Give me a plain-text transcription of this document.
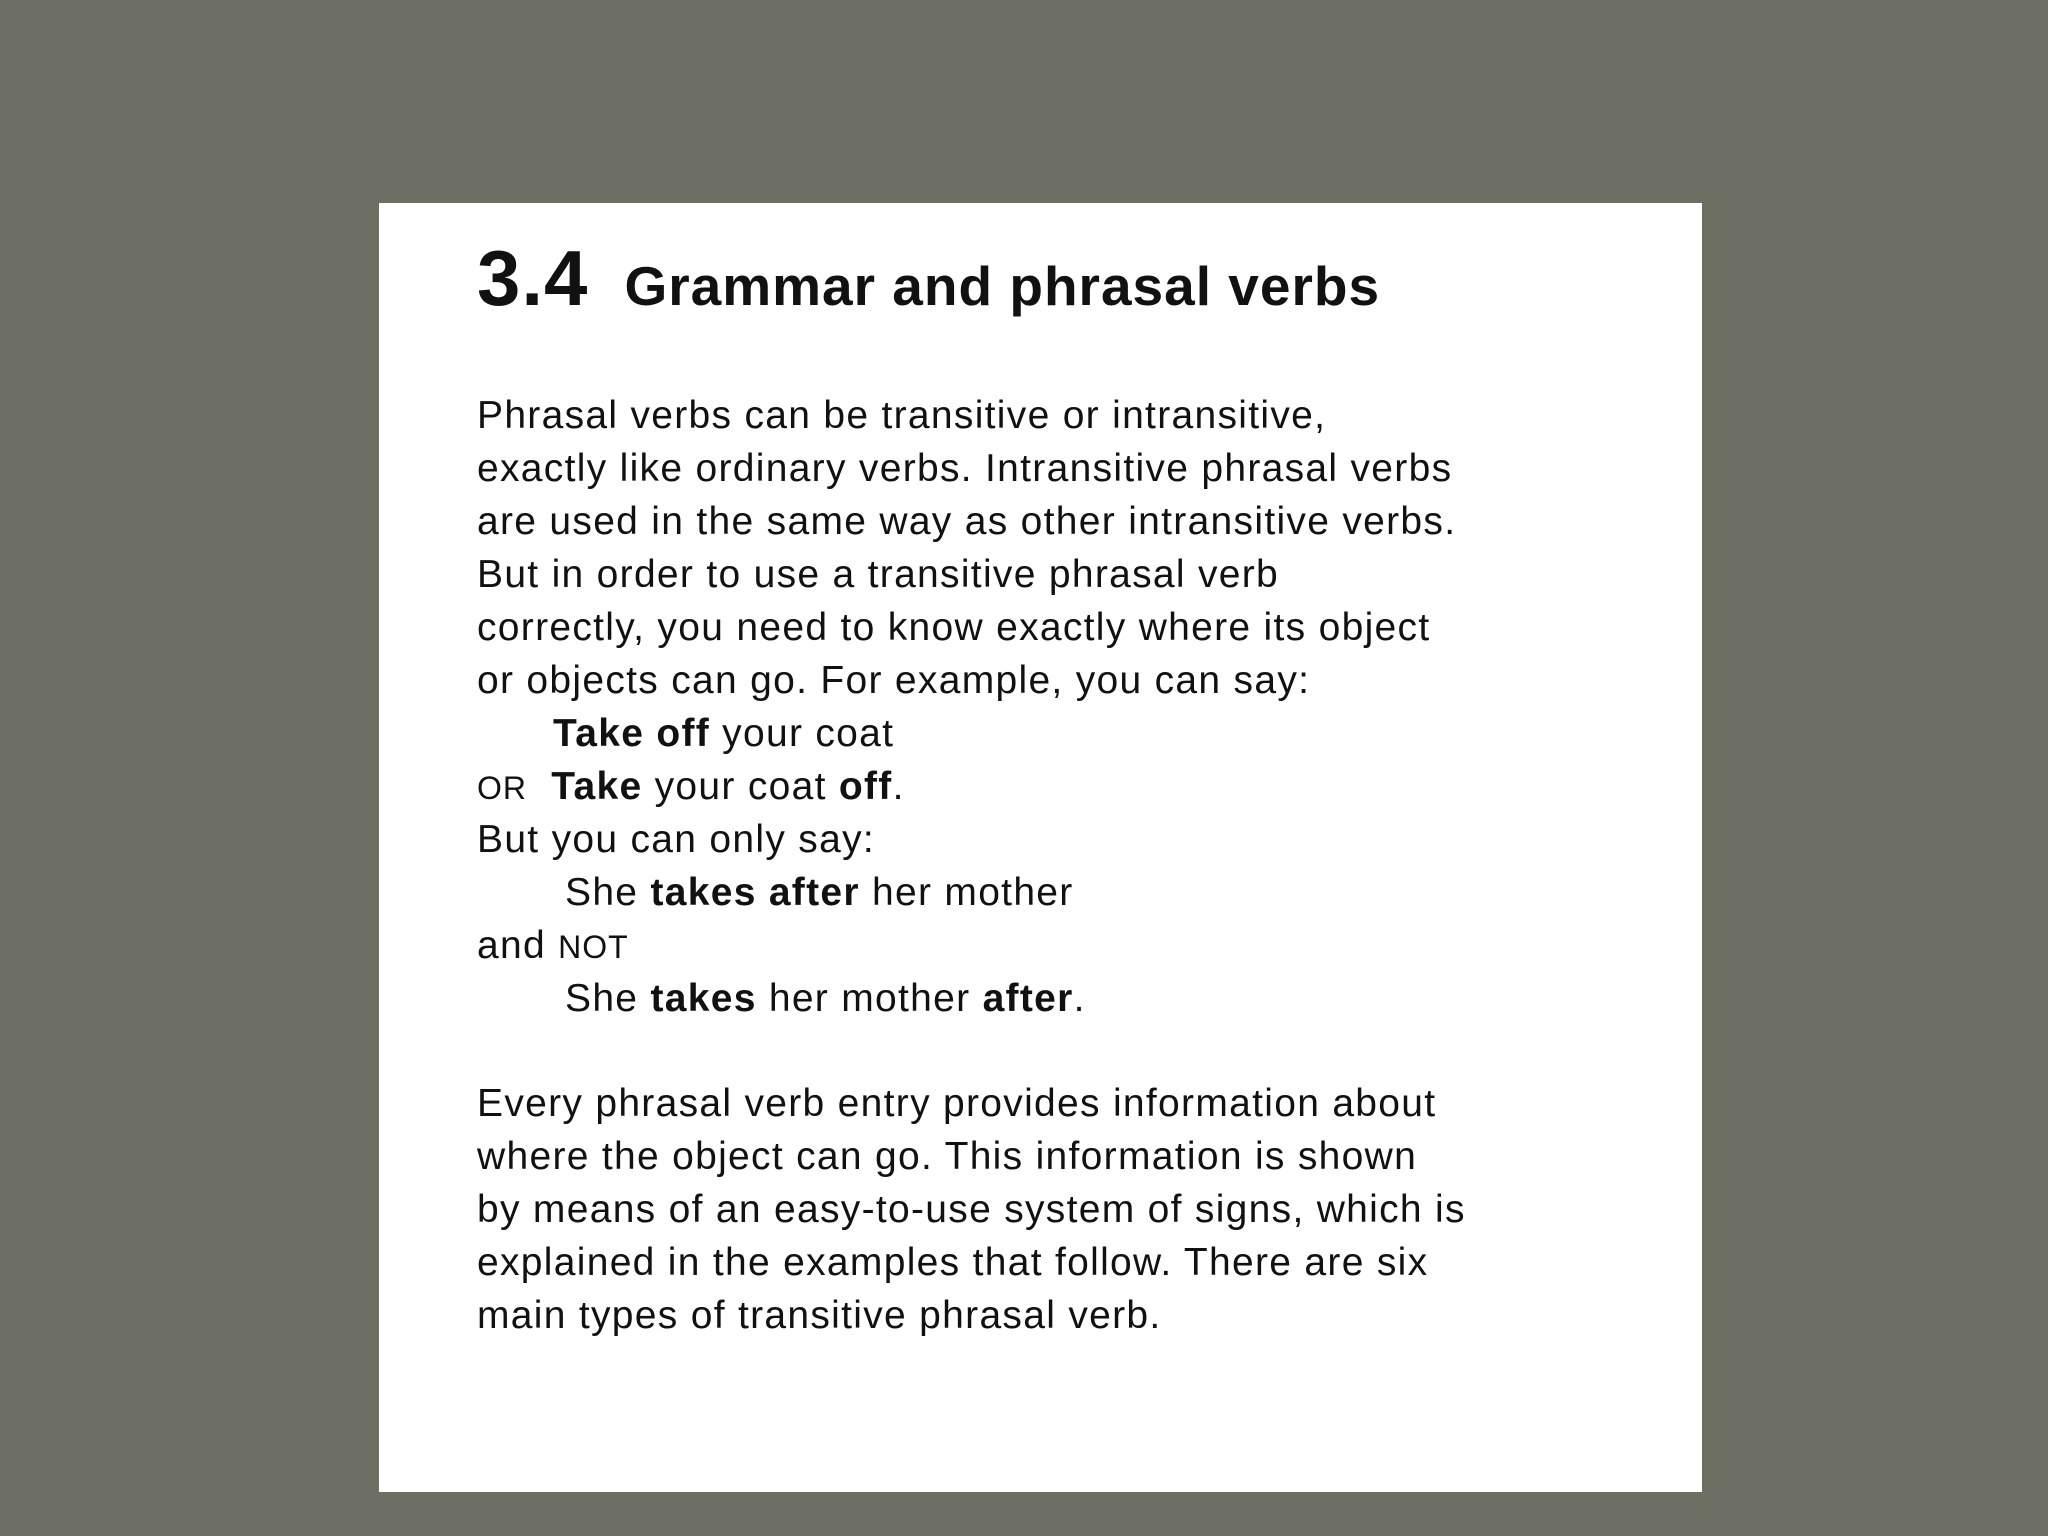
3.4 Grammar and phrasal verbs
Phrasal verbs can be transitive or intransitive,
exactly like ordinary verbs. Intransitive phrasal verbs
are used in the same way as other intransitive verbs.
But in order to use a transitive phrasal verb
correctly, you need to know exactly where its object
or objects can go. For example, you can say:
Take off your coat
OR Take your coat off.
But you can only say:
She takes after her mother
and NOT
She takes her mother after.
Every phrasal verb entry provides information about
where the object can go. This information is shown
by means of an easy-to-use system of signs, which is
explained in the examples that follow. There are six
main types of transitive phrasal verb.
